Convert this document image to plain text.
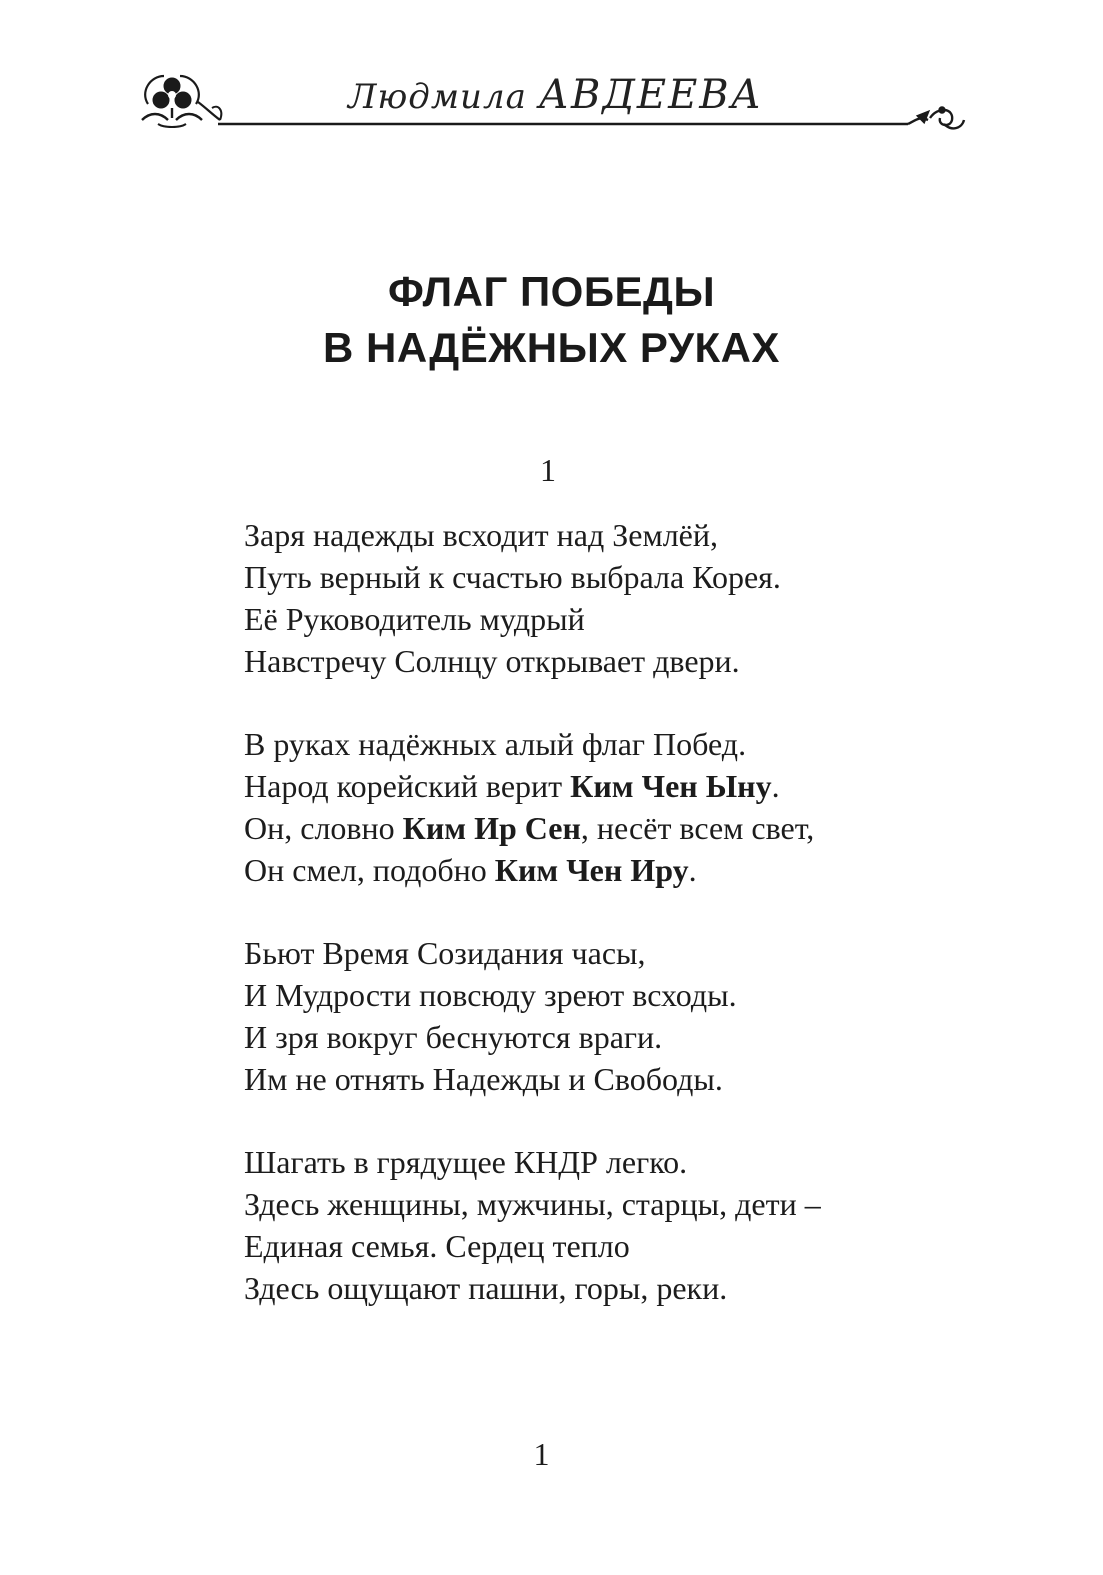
Людмила АВДЕЕВА
ФЛАГ ПОБЕДЫ
В НАДЁЖНЫХ РУКАХ
1
Заря надежды всходит над Землёй,
Путь верный к счастью выбрала Корея.
Её Руководитель мудрый
Навстречу Солнцу открывает двери.
В руках надёжных алый флаг Побед.
Народ корейский верит Ким Чен Ыну.
Он, словно Ким Ир Сен, несёт всем свет,
Он смел, подобно Ким Чен Иру.
Бьют Время Созидания часы,
И Мудрости повсюду зреют всходы.
И зря вокруг беснуются враги.
Им не отнять Надежды и Свободы.
Шагать в грядущее КНДР легко.
Здесь женщины, мужчины, старцы, дети –
Единая семья. Сердец тепло
Здесь ощущают пашни, горы, реки.
1
